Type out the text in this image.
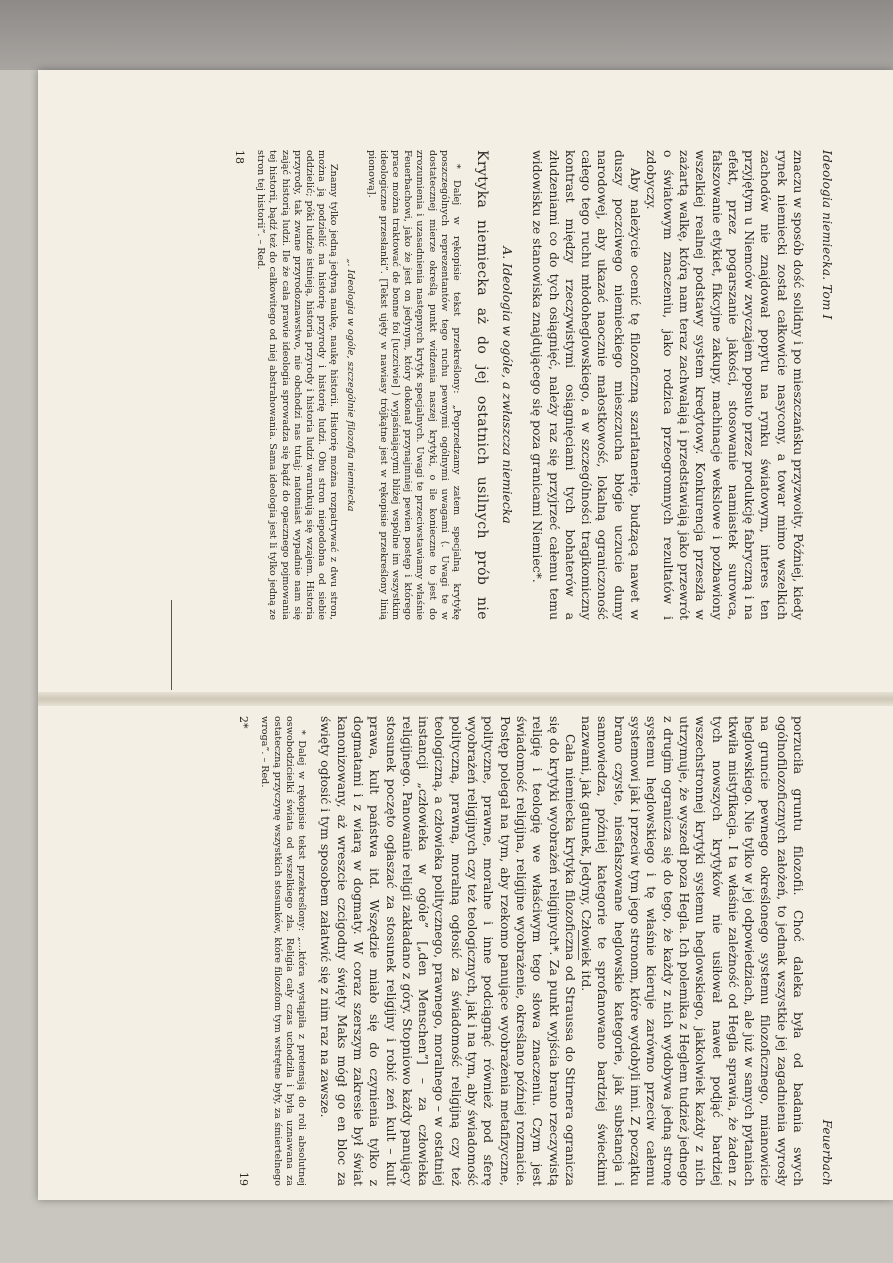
Ideologia niemiecka. Tom I

znaczu w sposób dość solidny i po mieszczańsku przyzwoity. Później, kiedy rynek niemiecki został całkowicie nasycony, a towar mimo wszelkich zachodów nie znajdował popytu na rynku światowym, interes ten przyjętym u Niemców zwyczajem popsuto przez produkcję fabryczną i na efekt, przez pogarszanie jakości, stosowanie namiastek surowca, fałszowanie etykiet, fikcyjne zakupy, machinacje wekslowe i pozbawiony wszelkiej realnej podstawy system kredytowy. Konkurencja przeszła w zażartą walkę, którą nam teraz zachwalają i przedstawiają jako przewrót o światowym znaczeniu, jako rodzica przeogromnych rezultatów i zdobyczy.

Aby należycie ocenić tę filozoficzną szarlatanerię, budzącą nawet w duszy poczciwego niemieckiego mieszczucha błogie uczucie dumy narodowej, aby ukazać naocznie małostkowość, lokalną ograniczoność całego tego ruchu młodoheglowskiego, a w szczególności tragikomiczny kontrast między rzeczywistymi osiągnięciami tych bohaterów a złudzeniami co do tych osiągnięć, należy raz się przyjrzeć całemu temu widowisku ze stanowiska znajdującego się poza granicami Niemiec*.

A. Ideologia w ogóle, a zwłaszcza niemiecka
Krytyka niemiecka aż do jej ostatnich usilnych prób nie

* Dalej w rękopisie tekst przekreślony: „Poprzedzamy zatem specjalną krytykę poszczególnych reprezentantów tego ruchu pewnymi ogólnymi uwagami ⟨. Uwagi te w dostatecznej mierze określą punkt widzenia naszej krytyki, o ile konieczne to jest do zrozumienia i uzasadnienia następnych krytyk specjalnych. Uwagi te przeciwstawiamy właśnie Feuerbachowi, jako że jest on jedynym, który dokonał przynajmniej pewien postęp i którego prace można traktować de bonne foi [uczciwie] ⟩ wyjaśniającymi bliżej wspólne im wszystkim ideologiczne przesłanki”. [Tekst ujęty w nawiasy trójkątne jest w rękopisie przekreślony linią pionową].

„. Ideologia w ogóle, szczególnie filozofia niemiecka

Znamy tylko jedną jedyną naukę, naukę historii. Historię można rozpatrywać z dwu stron, można ją podzielić na historię przyrody i historię ludzi. Obu stron niepodobna od siebie oddzielić; póki ludzie istnieją, historia przyrody i historia ludzi warunkują się wzajem. Historia przyrody, tak zwane przyrodoznawstwo, nie obchodzi nas tutaj; natomiast wypadnie nam się zająć historią ludzi. Ile że cała prawie ideologia sprowadza się bądź do opacznego pojmowania tej historii, bądź też do całkowitego od niej abstrahowania. Sama ideologia jest li tylko jedną ze stron tej historii”. – Red.

18
Feuerbach

porzuciła gruntu filozofii. Choć daleka była od badania swych ogólnofilozoficznych założeń, to jednak wszystkie jej zagadnienia wyrosły na gruncie pewnego określonego systemu filozoficznego, mianowicie heglowskiego. Nie tylko w jej odpowiedziach, ale już w samych pytaniach tkwiła mistyfikacja. I ta właśnie zależność od Hegla sprawia, że żaden z tych nowszych krytyków nie usiłował nawet podjąć bardziej wszechstronnej krytyki systemu heglowskiego, jakkolwiek każdy z nich utrzymuje, że wyszedł poza Hegla. Ich polemika z Heglem tudzież jednego z drugim ogranicza się do tego, że każdy z nich wydobywa jedną stronę systemu heglowskiego i tę właśnie kieruje zarówno przeciw całemu systemowi jak i przeciw tym jego stronom, które wydobyli inni. Z początku brano czyste, niesfałszowane heglowskie kategorie, jak substancja i samowiedza, później kategorie te sprofanowano bardziej świeckimi nazwami, jak gatunek, Jedyny, Człowiek itd.

Cała niemiecka krytyka filozoficzna od Straussa do Stirnera ogranicza się do krytyki wyobrażeń religijnych*. Za punkt wyjścia brano rzeczywistą religię i teologię we właściwym tego słowa znaczeniu. Czym jest świadomość religijna, religijne wyobrażenie, określano później rozmaicie. Postęp polegał na tym, aby rzekomo panujące wyobrażenia metafizyczne, polityczne, prawne, moralne i inne podciągnąć również pod sferę wyobrażeń religijnych czy też teologicznych, jak i na tym, aby świadomość polityczną, prawną, moralną ogłosić za świadomość religijną czy też teologiczną, a człowieka politycznego, prawnego, moralnego – w ostatniej instancji „człowieka w ogóle” [„den Menschen”] – za człowieka religijnego. Panowanie religii zakładano z góry. Stopniowo każdy panujący stosunek poczęto ogłaszać za stosunek religijny i robić zeń kult – kult prawa, kult państwa itd. Wszędzie miało się do czynienia tylko z dogmatami i z wiarą w dogmaty. W coraz szerszym zakresie był świat kanonizowany, aż wreszcie czcigodny święty Maks mógł go en bloc za święty ogłosić i tym sposobem załatwić się z nim raz na zawsze.

* Dalej w rękopisie tekst przekreślony: „...która wystąpiła z pretensją do roli absolutnej oswobodzicielki świata od wszelkiego zła. Religia cały czas uchodziła i była uznawana za ostateczną przyczynę wszystkich stosunków, które filozofom tym wstrętne były, za śmiertelnego wroga”. – Red.

2*
19
